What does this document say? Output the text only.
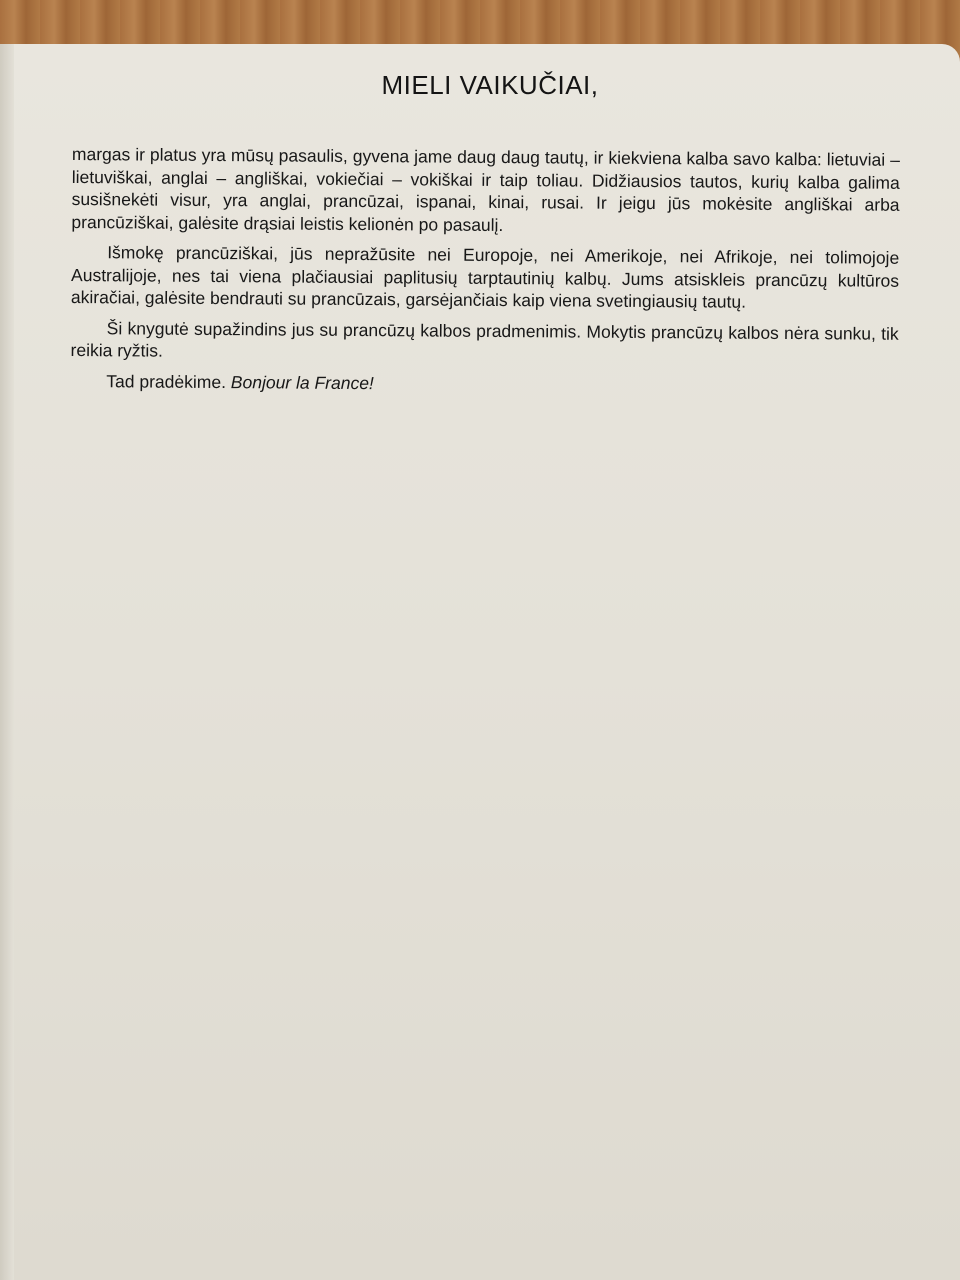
MIELI VAIKUČIAI,

margas ir platus yra mūsų pasaulis, gyvena jame daug daug tautų, ir kiekviena kalba savo kalba: lietuviai – lietuviškai, anglai – angliškai, vokiečiai – vokiškai ir taip toliau. Didžiausios tautos, kurių kalba galima susišnekėti visur, yra anglai, prancūzai, ispanai, kinai, rusai. Ir jeigu jūs mokėsite angliškai arba prancūziškai, galėsite drąsiai leistis kelionėn po pasaulį.

Išmokę prancūziškai, jūs nepražūsite nei Europoje, nei Amerikoje, nei Afrikoje, nei tolimojoje Australijoje, nes tai viena plačiausiai paplitusių tarptautinių kalbų. Jums atsiskleis prancūzų kultūros akiračiai, galėsite bendrauti su prancūzais, garsėjančiais kaip viena svetingiausių tautų.

Ši knygutė supažindins jus su prancūzų kalbos pradmenimis. Mokytis prancūzų kalbos nėra sunku, tik reikia ryžtis.

Tad pradėkime. Bonjour la France!
